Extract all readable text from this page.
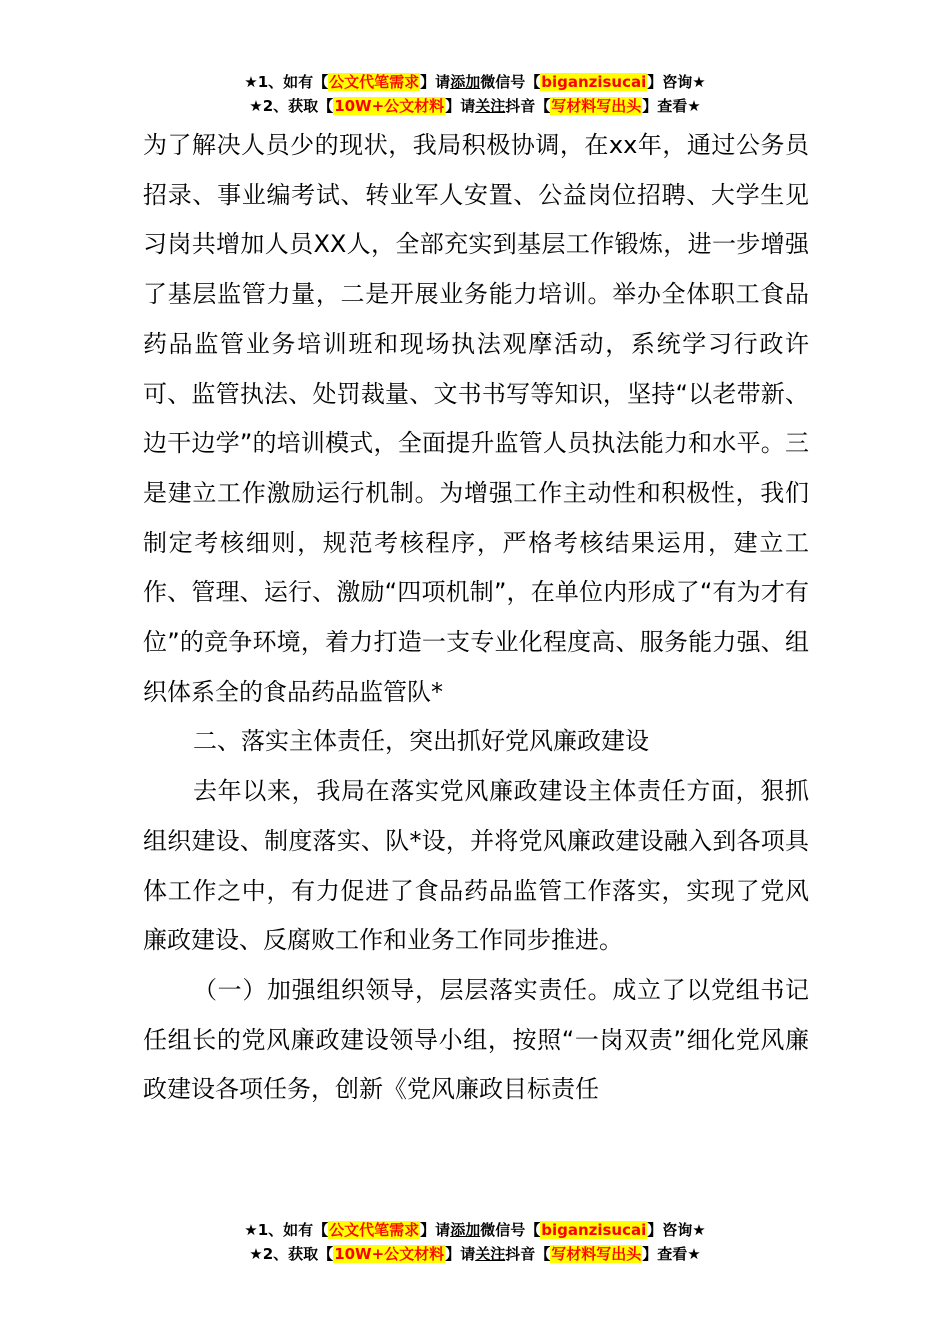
★1、如有【公文代笔需求】请添加微信号【biganzisucai】咨询★
★2、获取【10W+公文材料】请关注抖音【写材料写出头】查看★

为了解决人员少的现状，我局积极协调，在xx年，通过公务员招录、事业编考试、转业军人安置、公益岗位招聘、大学生见习岗共增加人员XX人，全部充实到基层工作锻炼，进一步增强了基层监管力量，二是开展业务能力培训。举办全体职工食品药品监管业务培训班和现场执法观摩活动，系统学习行政许可、监管执法、处罚裁量、文书书写等知识，坚持“以老带新、边干边学”的培训模式，全面提升监管人员执法能力和水平。三是建立工作激励运行机制。为增强工作主动性和积极性，我们制定考核细则，规范考核程序，严格考核结果运用，建立工作、管理、运行、激励“四项机制”，在单位内形成了“有为才有位”的竞争环境，着力打造一支专业化程度高、服务能力强、组织体系全的食品药品监管队*

二、落实主体责任，突出抓好党风廉政建设

去年以来，我局在落实党风廉政建设主体责任方面，狠抓组织建设、制度落实、队*设，并将党风廉政建设融入到各项具体工作之中，有力促进了食品药品监管工作落实，实现了党风廉政建设、反腐败工作和业务工作同步推进。

（一）加强组织领导，层层落实责任。成立了以党组书记任组长的党风廉政建设领导小组，按照“一岗双责”细化党风廉政建设各项任务，创新《党风廉政目标责任

★1、如有【公文代笔需求】请添加微信号【biganzisucai】咨询★
★2、获取【10W+公文材料】请关注抖音【写材料写出头】查看★
